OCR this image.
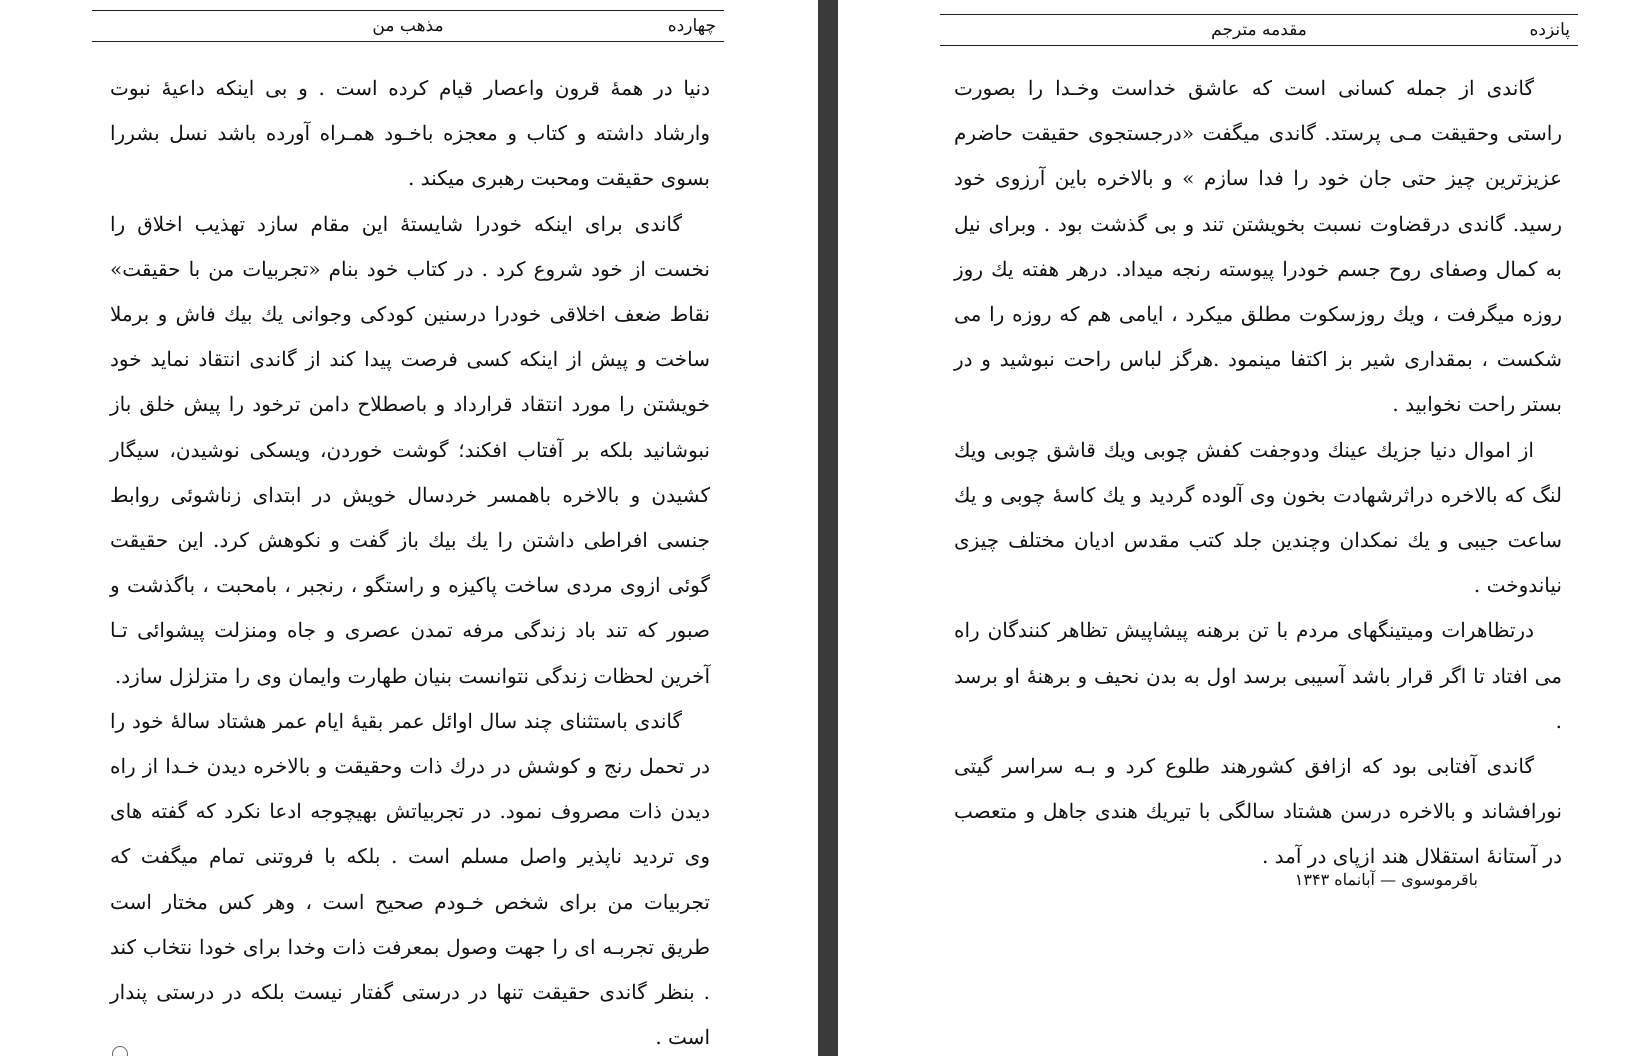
چهارده
مذهب من

دنیا در همهٔ قرون واعصار قیام کرده است . و بی اینکه داعیهٔ نبوت وارشاد داشته و کتاب و معجزه باخـود همـراه آورده باشد نسل بشررا بسوی حقیقت ومحبت رهبری میکند .

گاندی برای اینکه خودرا شایستهٔ این مقام سازد تهذیب اخلاق را نخست از خود شروع کرد . در کتاب خود بنام «تجربیات من با حقیقت» نقاط ضعف اخلاقی خودرا درسنین کودکی وجوانی یك بیك فاش و برملا ساخت و پیش از اینکه کسی فرصت پیدا کند از گاندی انتقاد نماید خود خویشتن را مورد انتقاد قرارداد و باصطلاح دامن ترخود را پیش خلق باز نبوشانید بلکه بر آفتاب افکند؛ گوشت خوردن، ویسکی نوشیدن، سیگار کشیدن و بالاخره باهمسر خردسال خویش در ابتدای زناشوئی روابط جنسی افراطی داشتن را یك بیك باز گفت و نکوهش کرد. این حقیقت گوئی ازوی مردی ساخت پاکیزه و راستگو ، رنجبر ، بامحبت ، باگذشت و صبور که تند باد زندگی مرفه تمدن عصری و جاه ومنزلت پیشوائی تـا آخرین لحظات زندگی نتوانست بنیان طهارت وایمان وی را متزلزل سازد.

گاندی باستثنای چند سال اوائل عمر بقیهٔ ایام عمر هشتاد سالهٔ خود را در تحمل رنج و کوشش در درك ذات وحقیقت و بالاخره دیدن خـدا از راه دیدن ذات مصروف نمود. در تجربیاتش بهیچوجه ادعا نکرد که گفته های وی تردید ناپذیر واصل مسلم است . بلکه با فروتنی تمام میگفت که تجربیات من برای شخص خـودم صحیح است ، وهر کس مختار است طریق تجربـه ای را جهت وصول بمعرفت ذات وخدا برای خودا نتخاب کند . بنظر گاندی حقیقت تنها در درستی گفتار نیست بلکه در درستی پندار است .

پانزده
مقدمه مترجم

گاندی از جمله کسانی است که عاشق خداست وخـدا را بصورت راستی وحقیقت مـی پرستد. گاندی میگفت «درجستجوی حقیقت حاضرم عزیزترین چیز حتی جان خود را فدا سازم » و بالاخره باین آرزوی خود رسید. گاندی درقضاوت نسبت بخویشتن تند و بی گذشت بود . وبرای نیل به کمال وصفای روح جسم خودرا پیوسته رنجه میداد. درهر هفته یك روز روزه میگرفت ، ویك روزسکوت مطلق میکرد ، ایامی هم که روزه را می شکست ، بمقداری شیر بز اکتفا مینمود .هرگز لباس راحت نبوشید و در بستر راحت نخوابید .

از اموال دنیا جزیك عینك ودوجفت کفش چوبی ویك قاشق چوبی ویك لنگ که بالاخره دراثرشهادت بخون وی آلوده گردید و یك کاسهٔ چوبی و یك ساعت جیبی و یك نمکدان وچندین جلد کتب مقدس ادیان مختلف چیزی نیاندوخت .

درتظاهرات ومیتینگهای مردم با تن برهنه پیشاپیش تظاهر کنندگان راه می افتاد تا اگر قرار باشد آسیبی برسد اول به بدن نحیف و برهنهٔ او برسد .

گاندی آفتابی بود که ازافق کشورهند طلوع کرد و بـه سراسر گیتی نورافشاند و بالاخره درسن هشتاد سالگی با تیریك هندی جاهل و متعصب در آستانهٔ استقلال هند ازپای در آمد .

باقرموسوی — آبانماه ۱۳۴۳
